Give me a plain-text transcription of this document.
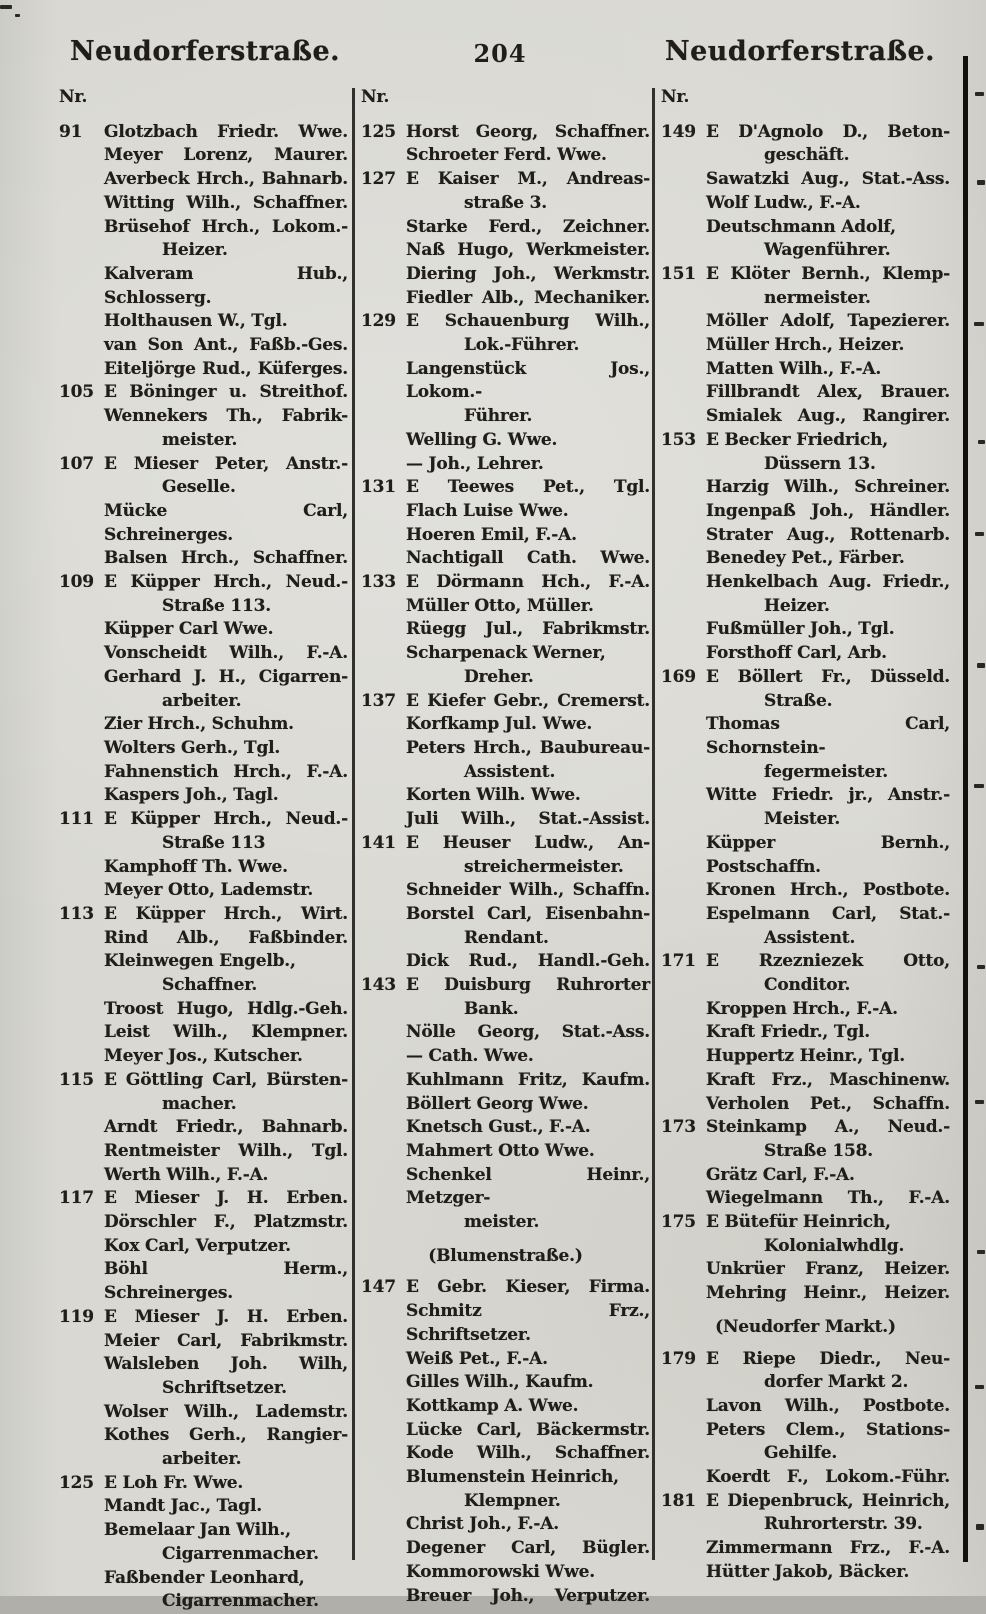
Neudorferstraße.	204	Neudorferstraße.
Nr.
91 Glotzbach Friedr. Wwe.
Meyer Lorenz, Maurer.
Averbeck Hrch., Bahnarb.
Witting Wilh., Schaffner.
Brüsehof Hrch., Lokom.-
Heizer.
Kalveram Hub., Schlosserg.
Holthausen W., Tgl.
van Son Ant., Faßb.-Ges.
Eiteljörge Rud., Küferges.
105 E Böninger u. Streithof.
Wennekers Th., Fabrik-
meister.
107 E Mieser Peter, Anstr.-
Geselle.
Mücke Carl, Schreinerges.
Balsen Hrch., Schaffner.
109 E Küpper Hrch., Neud.-
Straße 113.
Küpper Carl Wwe.
Vonscheidt Wilh., F.-A.
Gerhard J. H., Cigarren-
arbeiter.
Zier Hrch., Schuhm.
Wolters Gerh., Tgl.
Fahnenstich Hrch., F.-A.
Kaspers Joh., Tagl.
111 E Küpper Hrch., Neud.-
Straße 113
Kamphoff Th. Wwe.
Meyer Otto, Lademstr.
113 E Küpper Hrch., Wirt.
Rind Alb., Faßbinder.
Kleinwegen Engelb.,
Schaffner.
Troost Hugo, Hdlg.-Geh.
Leist Wilh., Klempner.
Meyer Jos., Kutscher.
115 E Göttling Carl, Bürsten-
macher.
Arndt Friedr., Bahnarb.
Rentmeister Wilh., Tgl.
Werth Wilh., F.-A.
117 E Mieser J. H. Erben.
Dörschler F., Platzmstr.
Kox Carl, Verputzer.
Böhl Herm., Schreinerges.
119 E Mieser J. H. Erben.
Meier Carl, Fabrikmstr.
Walsleben Joh. Wilh,
Schriftsetzer.
Wolser Wilh., Lademstr.
Kothes Gerh., Rangier-
arbeiter.
125 E Loh Fr. Wwe.
Mandt Jac., Tagl.
Bemelaar Jan Wilh.,
Cigarrenmacher.
Faßbender Leonhard,
Cigarrenmacher.
Nr.
125 Horst Georg, Schaffner.
Schroeter Ferd. Wwe.
127 E Kaiser M., Andreas-
straße 3.
Starke Ferd., Zeichner.
Naß Hugo, Werkmeister.
Diering Joh., Werkmstr.
Fiedler Alb., Mechaniker.
129 E Schauenburg Wilh.,
Lok.-Führer.
Langenstück Jos., Lokom.-
Führer.
Welling G. Wwe.
— Joh., Lehrer.
131 E Teewes Pet., Tgl.
Flach Luise Wwe.
Hoeren Emil, F.-A.
Nachtigall Cath. Wwe.
133 E Dörmann Hch., F.-A.
Müller Otto, Müller.
Rüegg Jul., Fabrikmstr.
Scharpenack Werner,
Dreher.
137 E Kiefer Gebr., Cremerst.
Korfkamp Jul. Wwe.
Peters Hrch., Baubureau-
Assistent.
Korten Wilh. Wwe.
Juli Wilh., Stat.-Assist.
141 E Heuser Ludw., An-
streichermeister.
Schneider Wilh., Schaffn.
Borstel Carl, Eisenbahn-
Rendant.
Dick Rud., Handl.-Geh.
143 E Duisburg Ruhrorter
Bank.
Nölle Georg, Stat.-Ass.
— Cath. Wwe.
Kuhlmann Fritz, Kaufm.
Böllert Georg Wwe.
Knetsch Gust., F.-A.
Mahmert Otto Wwe.
Schenkel Heinr., Metzger-
meister.
(Blumenstraße.)
147 E Gebr. Kieser, Firma.
Schmitz Frz., Schriftsetzer.
Weiß Pet., F.-A.
Gilles Wilh., Kaufm.
Kottkamp A. Wwe.
Lücke Carl, Bäckermstr.
Kode Wilh., Schaffner.
Blumenstein Heinrich,
Klempner.
Christ Joh., F.-A.
Degener Carl, Bügler.
Kommorowski Wwe.
Breuer Joh., Verputzer.
Nr.
149 E D'Agnolo D., Beton-
geschäft.
Sawatzki Aug., Stat.-Ass.
Wolf Ludw., F.-A.
Deutschmann Adolf,
Wagenführer.
151 E Klöter Bernh., Klemp-
nermeister.
Möller Adolf, Tapezierer.
Müller Hrch., Heizer.
Matten Wilh., F.-A.
Fillbrandt Alex, Brauer.
Smialek Aug., Rangirer.
153 E Becker Friedrich,
Düssern 13.
Harzig Wilh., Schreiner.
Ingenpaß Joh., Händler.
Strater Aug., Rottenarb.
Benedey Pet., Färber.
Henkelbach Aug. Friedr.,
Heizer.
Fußmüller Joh., Tgl.
Forsthoff Carl, Arb.
169 E Böllert Fr., Düsseld.
Straße.
Thomas Carl, Schornstein-
fegermeister.
Witte Friedr. jr., Anstr.-
Meister.
Küpper Bernh., Postschaffn.
Kronen Hrch., Postbote.
Espelmann Carl, Stat.-
Assistent.
171 E Rzezniezek Otto,
Conditor.
Kroppen Hrch., F.-A.
Kraft Friedr., Tgl.
Huppertz Heinr., Tgl.
Kraft Frz., Maschinenw.
Verholen Pet., Schaffn.
173 Steinkamp A., Neud.-
Straße 158.
Grätz Carl, F.-A.
Wiegelmann Th., F.-A.
175 E Bütefür Heinrich,
Kolonialwhdlg.
Unkrüer Franz, Heizer.
Mehring Heinr., Heizer.
(Neudorfer Markt.)
179 E Riepe Diedr., Neu-
dorfer Markt 2.
Lavon Wilh., Postbote.
Peters Clem., Stations-
Gehilfe.
Koerdt F., Lokom.-Führ.
181 E Diepenbruck, Heinrich,
Ruhrorterstr. 39.
Zimmermann Frz., F.-A.
Hütter Jakob, Bäcker.
